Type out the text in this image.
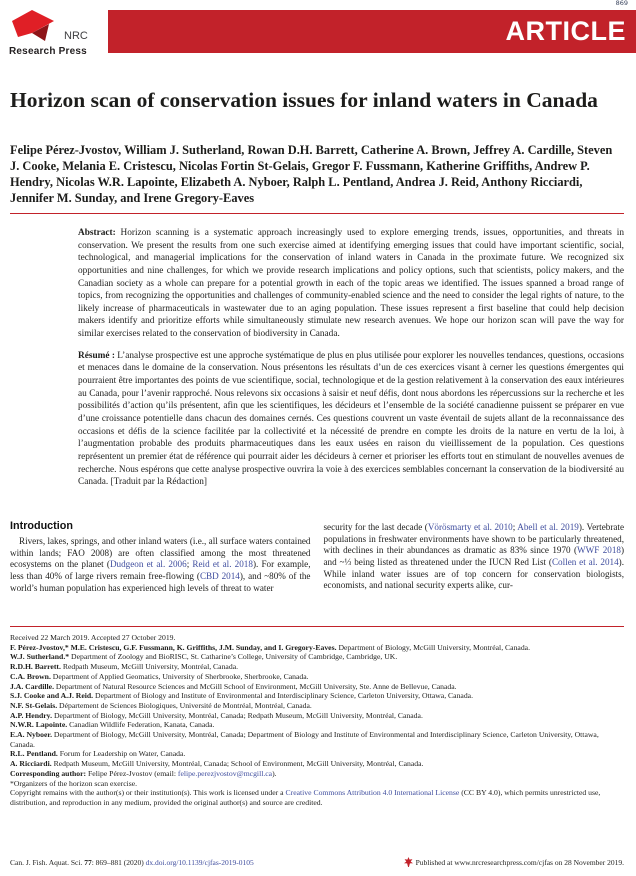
869
NRC
Research Press
ARTICLE
Horizon scan of conservation issues for inland waters in Canada

Felipe Pérez-Jvostov, William J. Sutherland, Rowan D.H. Barrett, Catherine A. Brown, Jeffrey A. Cardille, Steven J. Cooke, Melania E. Cristescu, Nicolas Fortin St-Gelais, Gregor F. Fussmann, Katherine Griffiths, Andrew P. Hendry, Nicolas W.R. Lapointe, Elizabeth A. Nyboer, Ralph L. Pentland, Andrea J. Reid, Anthony Ricciardi, Jennifer M. Sunday, and Irene Gregory-Eaves

Abstract: Horizon scanning is a systematic approach increasingly used to explore emerging trends, issues, opportunities, and threats in conservation. We present the results from one such exercise aimed at identifying emerging issues that could have important scientific, social, technological, and managerial implications for the conservation of inland waters in Canada in the proximate future. We recognized six opportunities and nine challenges, for which we provide research implications and policy options, such that scientists, policy makers, and the Canadian society as a whole can prepare for a potential growth in each of the topic areas we identified. The issues spanned a broad range of topics, from recognizing the opportunities and challenges of community-enabled science and the need to consider the legal rights of nature, to the likely increase of pharmaceuticals in wastewater due to an aging population. These issues represent a first baseline that could help decision makers identify and prioritize efforts while simultaneously stimulate new research avenues. We hope our horizon scan will pave the way for similar exercises related to the conservation of biodiversity in Canada.

Résumé : L’analyse prospective est une approche systématique de plus en plus utilisée pour explorer les nouvelles tendances, questions, occasions et menaces dans le domaine de la conservation. Nous présentons les résultats d’un de ces exercices visant à cerner les questions émergentes qui pourraient être importantes des points de vue scientifique, social, technologique et de la gestion relativement à la conservation des eaux intérieures au Canada, pour l’avenir rapproché. Nous relevons six occasions à saisir et neuf défis, dont nous abordons les répercussions sur la recherche et les possibilités d’action qu’ils présentent, afin que les scientifiques, les décideurs et l’ensemble de la société canadienne puissent se préparer en vue d’une croissance potentielle dans chacun des domaines cernés. Ces questions couvrent un vaste éventail de sujets allant de la reconnaissance des occasions et défis de la science facilitée par la collectivité et la nécessité de prendre en compte les droits de la nature en vertu de la loi, à l’augmentation probable des produits pharmaceutiques dans les eaux usées en raison du vieillissement de la population. Ces questions représentent un premier état de référence qui pourrait aider les décideurs à cerner et prioriser les efforts tout en stimulant de nouvelles avenues de recherche. Nous espérons que cette analyse prospective ouvrira la voie à des exercices semblables concernant la conservation de la biodiversité au Canada. [Traduit par la Rédaction]

Introduction

Rivers, lakes, springs, and other inland waters (i.e., all surface waters contained within lands; FAO 2008) are often classified among the most threatened ecosystems on the planet (Dudgeon et al. 2006; Reid et al. 2018). For example, less than 40% of large rivers remain free-flowing (CBD 2014), and ~80% of the world’s human population has experienced high levels of threat to water

security for the last decade (Vörösmarty et al. 2010; Abell et al. 2019). Vertebrate populations in freshwater environments have shown to be particularly threatened, with declines in their abundances as dramatic as 83% since 1970 (WWF 2018) and ~⅓ being listed as threatened under the IUCN Red List (Collen et al. 2014). While inland water issues are of top concern for conservation biologists, economists, and national security experts alike, cur-

Received 22 March 2019. Accepted 27 October 2019.

F. Pérez-Jvostov,* M.E. Cristescu, G.F. Fussmann, K. Griffiths, J.M. Sunday, and I. Gregory-Eaves. Department of Biology, McGill University, Montréal, Canada.

W.J. Sutherland.* Department of Zoology and BioRISC, St. Catharine’s College, University of Cambridge, Cambridge, UK.

R.D.H. Barrett. Redpath Museum, McGill University, Montréal, Canada.

C.A. Brown. Department of Applied Geomatics, University of Sherbrooke, Sherbrooke, Canada.

J.A. Cardille. Department of Natural Resource Sciences and McGill School of Environment, McGill University, Ste. Anne de Bellevue, Canada.

S.J. Cooke and A.J. Reid. Department of Biology and Institute of Environmental and Interdisciplinary Science, Carleton University, Ottawa, Canada.

N.F. St-Gelais. Département de Sciences Biologiques, Université de Montréal, Montréal, Canada.

A.P. Hendry. Department of Biology, McGill University, Montréal, Canada; Redpath Museum, McGill University, Montréal, Canada.

N.W.R. Lapointe. Canadian Wildlife Federation, Kanata, Canada.

E.A. Nyboer. Department of Biology, McGill University, Montréal, Canada; Department of Biology and Institute of Environmental and Interdisciplinary Science, Carleton University, Ottawa, Canada.

R.L. Pentland. Forum for Leadership on Water, Canada.

A. Ricciardi. Redpath Museum, McGill University, Montréal, Canada; School of Environment, McGill University, Montréal, Canada.

Corresponding author: Felipe Pérez-Jvostov (email: felipe.perezjvostov@mcgill.ca).

*Organizers of the horizon scan exercise.

Copyright remains with the author(s) or their institution(s). This work is licensed under a Creative Commons Attribution 4.0 International License (CC BY 4.0), which permits unrestricted use, distribution, and reproduction in any medium, provided the original author(s) and source are credited.

Can. J. Fish. Aquat. Sci. 77: 869–881 (2020) dx.doi.org/10.1139/cjfas-2019-0105	Published at www.nrcresearchpress.com/cjfas on 28 November 2019.
